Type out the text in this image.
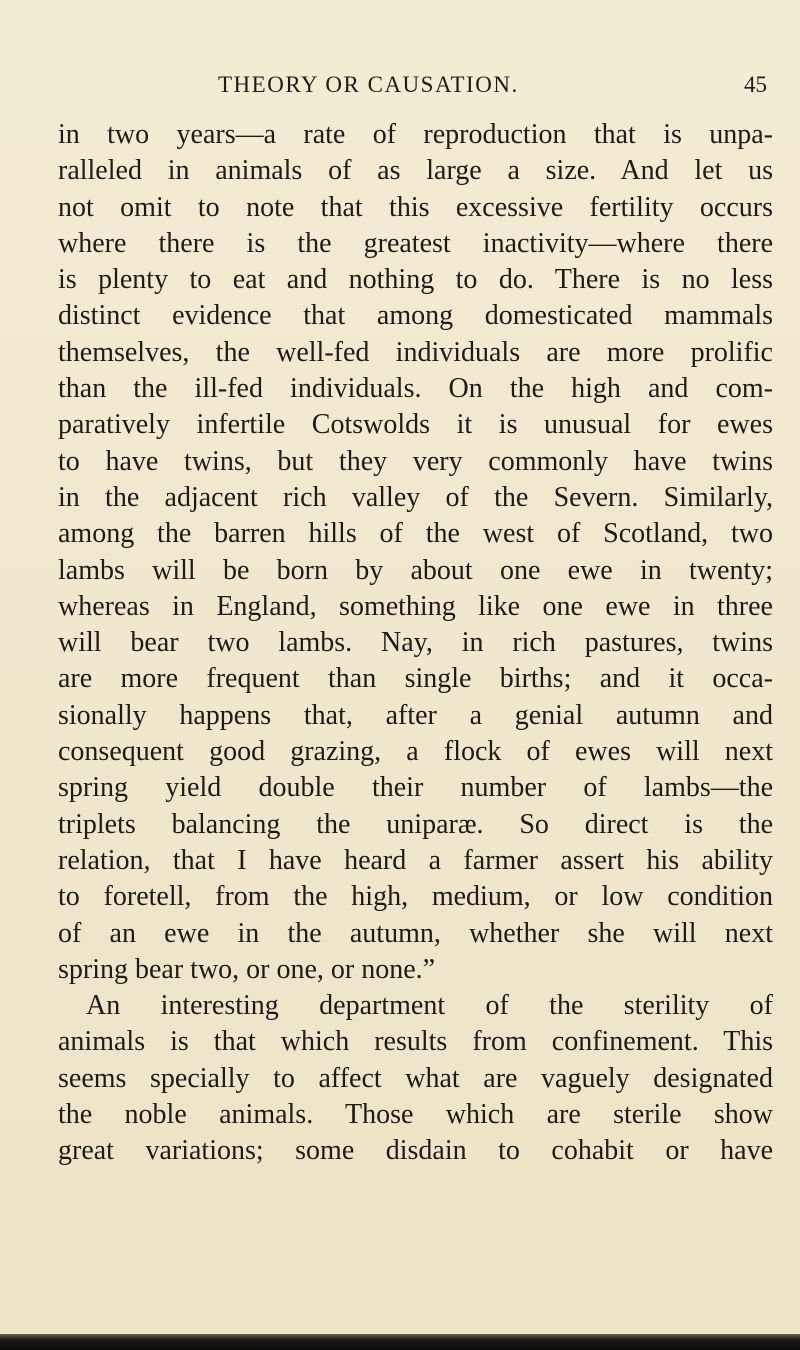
THEORY OR CAUSATION.	45
in two years—a rate of reproduction that is unpa-
ralleled in animals of as large a size. And let us
not omit to note that this excessive fertility occurs
where there is the greatest inactivity—where there
is plenty to eat and nothing to do. There is no less
distinct evidence that among domesticated mammals
themselves, the well-fed individuals are more prolific
than the ill-fed individuals. On the high and com-
paratively infertile Cotswolds it is unusual for ewes
to have twins, but they very commonly have twins
in the adjacent rich valley of the Severn. Similarly,
among the barren hills of the west of Scotland, two
lambs will be born by about one ewe in twenty;
whereas in England, something like one ewe in three
will bear two lambs. Nay, in rich pastures, twins
are more frequent than single births; and it occa-
sionally happens that, after a genial autumn and
consequent good grazing, a flock of ewes will next
spring yield double their number of lambs—the
triplets balancing the uniparæ. So direct is the
relation, that I have heard a farmer assert his ability
to foretell, from the high, medium, or low condition
of an ewe in the autumn, whether she will next
spring bear two, or one, or none.”
An interesting department of the sterility of
animals is that which results from confinement. This
seems specially to affect what are vaguely designated
the noble animals. Those which are sterile show
great variations; some disdain to cohabit or have
